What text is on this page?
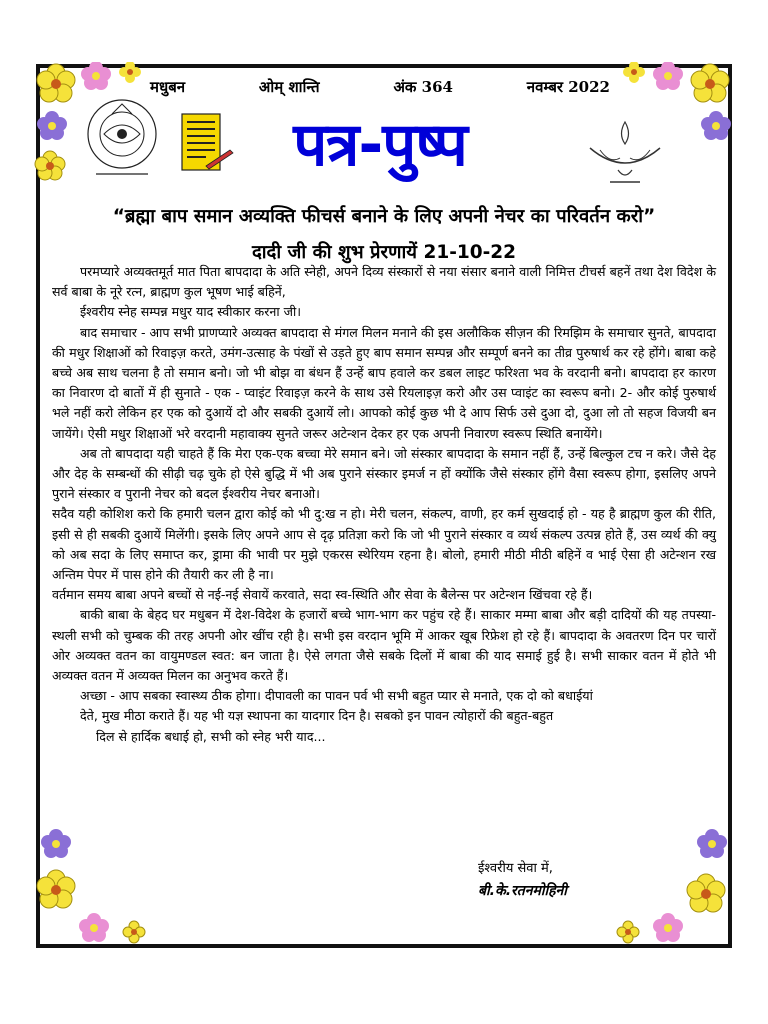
मधुबन	ओम् शान्ति	अंक 364	नवम्बर 2022
पत्र-पुष्प
“ब्रह्मा बाप समान अव्यक्ति फीचर्स बनाने के लिए अपनी नेचर का परिवर्तन करो”
दादी जी की शुभ प्रेरणायें 21-10-22

परमप्यारे अव्यक्तमूर्त मात पिता बापदादा के अति स्नेही, अपने दिव्य संस्कारों से नया संसार बनाने वाली निमित्त टीचर्स बहनें तथा देश विदेश के सर्व बाबा के नूरे रत्न, ब्राह्मण कुल भूषण भाई बहिनें,

ईश्वरीय स्नेह सम्पन्न मधुर याद स्वीकार करना जी।

बाद समाचार - आप सभी प्राणप्यारे अव्यक्त बापदादा से मंगल मिलन मनाने की इस अलौकिक सीज़न की रिमझिम के समाचार सुनते, बापदादा की मधुर शिक्षाओं को रिवाइज़ करते, उमंग-उत्साह के पंखों से उड़ते हुए बाप समान सम्पन्न और सम्पूर्ण बनने का तीव्र पुरुषार्थ कर रहे होंगे। बाबा कहे बच्चे अब साथ चलना है तो समान बनो। जो भी बोझ वा बंधन हैं उन्हें बाप हवाले कर डबल लाइट फरिश्ता भव के वरदानी बनो। बापदादा हर कारण का निवारण दो बातों में ही सुनाते - एक - प्वाइंट रिवाइज़ करने के साथ उसे रियलाइज़ करो और उस प्वाइंट का स्वरूप बनो। 2- और कोई पुरुषार्थ भले नहीं करो लेकिन हर एक को दुआयें दो और सबकी दुआयें लो। आपको कोई कुछ भी दे आप सिर्फ उसे दुआ दो, दुआ लो तो सहज विजयी बन जायेंगे। ऐसी मधुर शिक्षाओं भरे वरदानी महावाक्य सुनते जरूर अटेन्शन देकर हर एक अपनी निवारण स्वरूप स्थिति बनायेंगे।

अब तो बापदादा यही चाहते हैं कि मेरा एक-एक बच्चा मेरे समान बने। जो संस्कार बापदादा के समान नहीं हैं, उन्हें बिल्कुल टच न करे। जैसे देह और देह के सम्बन्धों की सीढ़ी चढ़ चुके हो ऐसे बुद्धि में भी अब पुराने संस्कार इमर्ज न हों क्योंकि जैसे संस्कार होंगे वैसा स्वरूप होगा, इसलिए अपने पुराने संस्कार व पुरानी नेचर को बदल ईश्वरीय नेचर बनाओ।

सदैव यही कोशिश करो कि हमारी चलन द्वारा कोई को भी दु:ख न हो। मेरी चलन, संकल्प, वाणी, हर कर्म सुखदाई हो - यह है ब्राह्मण कुल की रीति, इसी से ही सबकी दुआयें मिलेंगी। इसके लिए अपने आप से दृढ़ प्रतिज्ञा करो कि जो भी पुराने संस्कार व व्यर्थ संकल्प उत्पन्न होते हैं, उस व्यर्थ की क्यु को अब सदा के लिए समाप्त कर, ड्रामा की भावी पर मुझे एकरस स्थेरियम रहना है। बोलो, हमारी मीठी मीठी बहिनें व भाई ऐसा ही अटेन्शन रख अन्तिम पेपर में पास होने की तैयारी कर ली है ना।

वर्तमान समय बाबा अपने बच्चों से नई-नई सेवायें करवाते, सदा स्व-स्थिति और सेवा के बैलेन्स पर अटेन्शन खिंचवा रहे हैं।

बाकी बाबा के बेहद घर मधुबन में देश-विदेश के हजारों बच्चे भाग-भाग कर पहुंच रहे हैं। साकार मम्मा बाबा और बड़ी दादियों की यह तपस्या-स्थली सभी को चुम्बक की तरह अपनी ओर खींच रही है। सभी इस वरदान भूमि में आकर खूब रिफ्रेश हो रहे हैं। बापदादा के अवतरण दिन पर चारों ओर अव्यक्त वतन का वायुमण्डल स्वत: बन जाता है। ऐसे लगता जैसे सबके दिलों में बाबा की याद समाई हुई है। सभी साकार वतन में होते भी अव्यक्त वतन में अव्यक्त मिलन का अनुभव करते हैं।

अच्छा - आप सबका स्वास्थ्य ठीक होगा। दीपावली का पावन पर्व भी सभी बहुत प्यार से मनाते, एक दो को बधाईयां

देते, मुख मीठा कराते हैं। यह भी यज्ञ स्थापना का यादगार दिन है। सबको इन पावन त्योहारों की बहुत-बहुत

दिल से हार्दिक बधाई हो, सभी को स्नेह भरी याद...

ईश्वरीय सेवा में,
बी.के.रतनमोहिनी
